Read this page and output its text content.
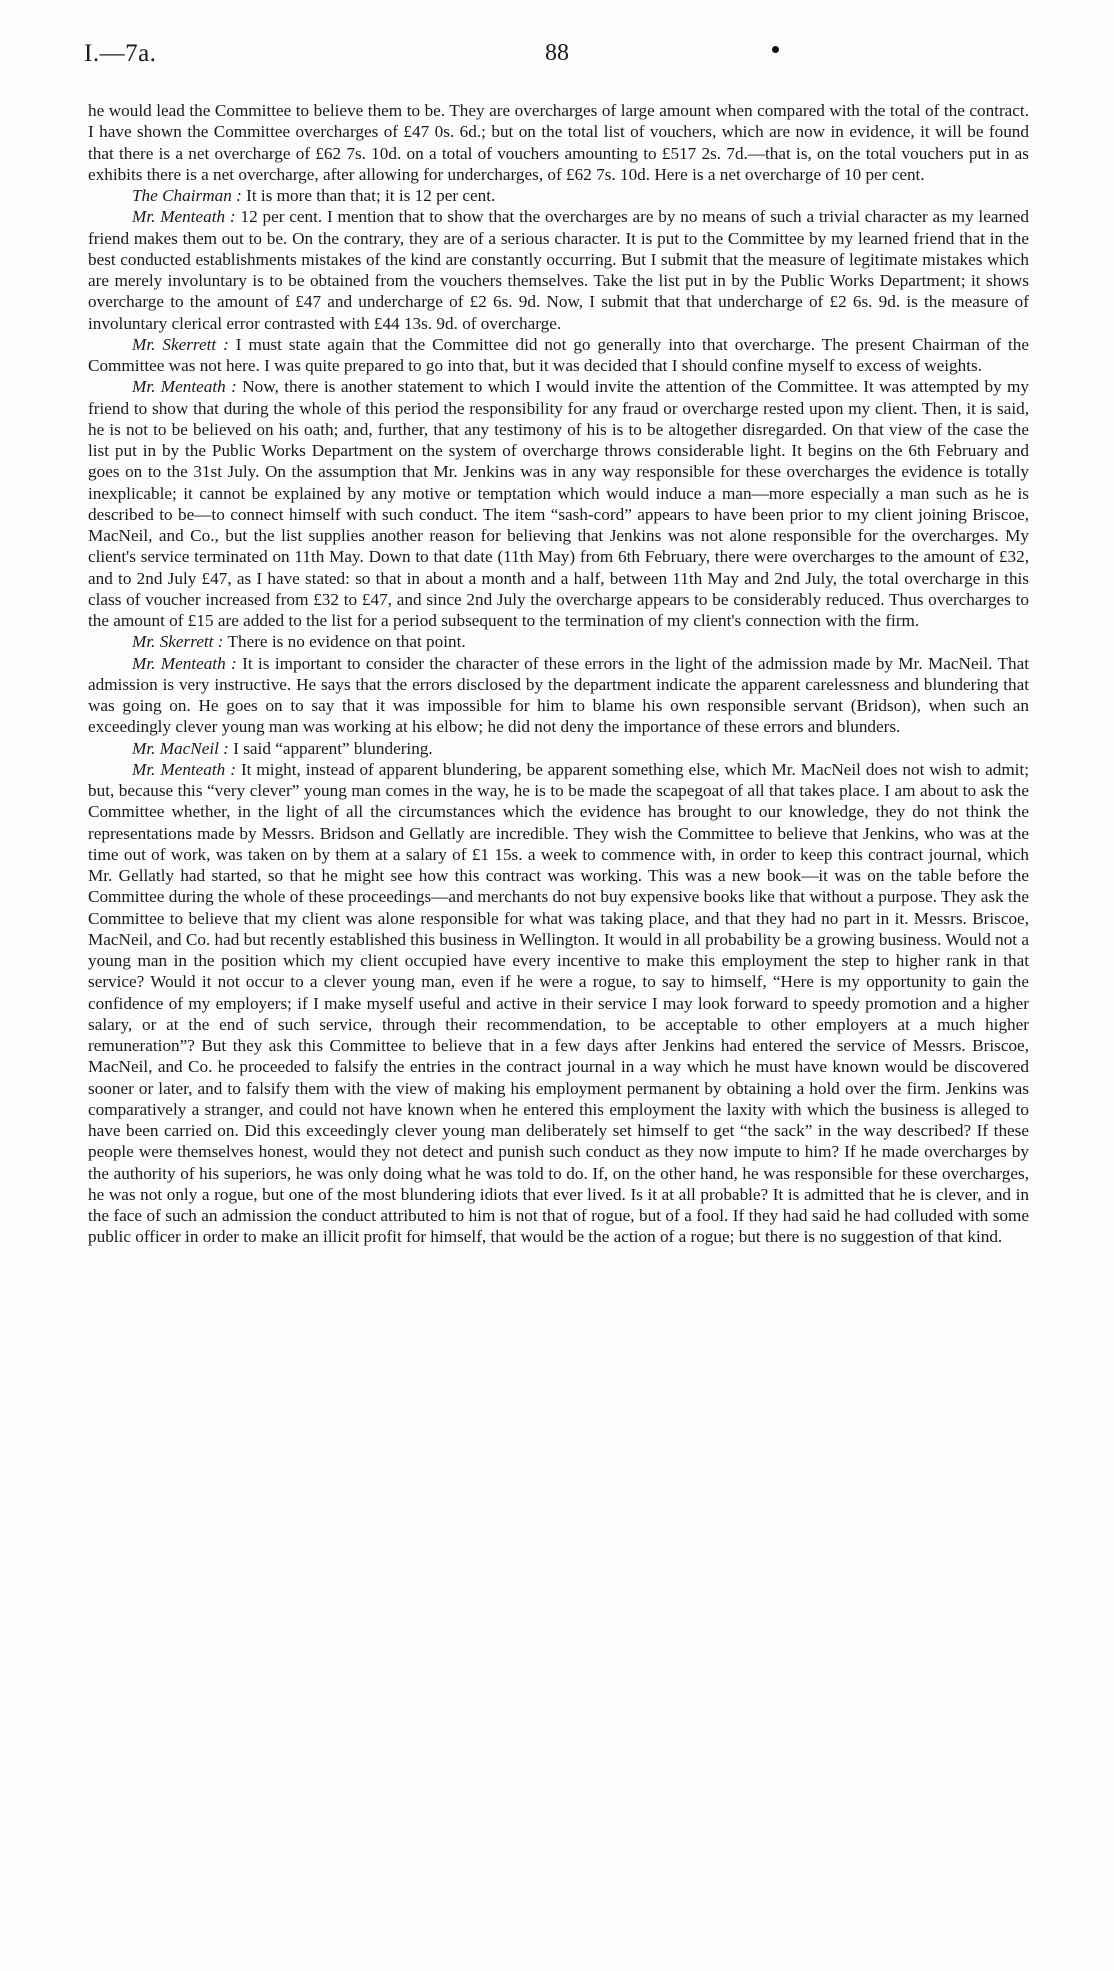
I.—7a.	88

he would lead the Committee to believe them to be. They are overcharges of large amount when compared with the total of the contract. I have shown the Committee overcharges of £47 0s. 6d.; but on the total list of vouchers, which are now in evidence, it will be found that there is a net overcharge of £62 7s. 10d. on a total of vouchers amounting to £517 2s. 7d.—that is, on the total vouchers put in as exhibits there is a net overcharge, after allowing for undercharges, of £62 7s. 10d. Here is a net overcharge of 10 per cent.

The Chairman : It is more than that; it is 12 per cent.

Mr. Menteath : 12 per cent. I mention that to show that the overcharges are by no means of such a trivial character as my learned friend makes them out to be. On the contrary, they are of a serious character. It is put to the Committee by my learned friend that in the best conducted establishments mistakes of the kind are constantly occurring. But I submit that the measure of legitimate mistakes which are merely involuntary is to be obtained from the vouchers themselves. Take the list put in by the Public Works Department; it shows overcharge to the amount of £47 and undercharge of £2 6s. 9d. Now, I submit that that undercharge of £2 6s. 9d. is the measure of involuntary clerical error contrasted with £44 13s. 9d. of overcharge.

Mr. Skerrett : I must state again that the Committee did not go generally into that overcharge. The present Chairman of the Committee was not here. I was quite prepared to go into that, but it was decided that I should confine myself to excess of weights.

Mr. Menteath : Now, there is another statement to which I would invite the attention of the Committee. It was attempted by my friend to show that during the whole of this period the responsibility for any fraud or overcharge rested upon my client. Then, it is said, he is not to be believed on his oath; and, further, that any testimony of his is to be altogether disregarded. On that view of the case the list put in by the Public Works Department on the system of overcharge throws considerable light. It begins on the 6th February and goes on to the 31st July. On the assumption that Mr. Jenkins was in any way responsible for these overcharges the evidence is totally inexplicable; it cannot be explained by any motive or temptation which would induce a man—more especially a man such as he is described to be—to connect himself with such conduct. The item “sash-cord” appears to have been prior to my client joining Briscoe, MacNeil, and Co., but the list supplies another reason for believing that Jenkins was not alone responsible for the overcharges. My client's service terminated on 11th May. Down to that date (11th May) from 6th February, there were overcharges to the amount of £32, and to 2nd July £47, as I have stated: so that in about a month and a half, between 11th May and 2nd July, the total overcharge in this class of voucher increased from £32 to £47, and since 2nd July the overcharge appears to be considerably reduced. Thus overcharges to the amount of £15 are added to the list for a period subsequent to the termination of my client's connection with the firm.

Mr. Skerrett : There is no evidence on that point.

Mr. Menteath : It is important to consider the character of these errors in the light of the admission made by Mr. MacNeil. That admission is very instructive. He says that the errors disclosed by the department indicate the apparent carelessness and blundering that was going on. He goes on to say that it was impossible for him to blame his own responsible servant (Bridson), when such an exceedingly clever young man was working at his elbow; he did not deny the importance of these errors and blunders.

Mr. MacNeil : I said “apparent” blundering.

Mr. Menteath : It might, instead of apparent blundering, be apparent something else, which Mr. MacNeil does not wish to admit; but, because this “very clever” young man comes in the way, he is to be made the scapegoat of all that takes place. I am about to ask the Committee whether, in the light of all the circumstances which the evidence has brought to our knowledge, they do not think the representations made by Messrs. Bridson and Gellatly are incredible. They wish the Committee to believe that Jenkins, who was at the time out of work, was taken on by them at a salary of £1 15s. a week to commence with, in order to keep this contract journal, which Mr. Gellatly had started, so that he might see how this contract was working. This was a new book—it was on the table before the Committee during the whole of these proceedings—and merchants do not buy expensive books like that without a purpose. They ask the Committee to believe that my client was alone responsible for what was taking place, and that they had no part in it. Messrs. Briscoe, MacNeil, and Co. had but recently established this business in Wellington. It would in all probability be a growing business. Would not a young man in the position which my client occupied have every incentive to make this employment the step to higher rank in that service? Would it not occur to a clever young man, even if he were a rogue, to say to himself, “Here is my opportunity to gain the confidence of my employers; if I make myself useful and active in their service I may look forward to speedy promotion and a higher salary, or at the end of such service, through their recommendation, to be acceptable to other employers at a much higher remuneration”? But they ask this Committee to believe that in a few days after Jenkins had entered the service of Messrs. Briscoe, MacNeil, and Co. he proceeded to falsify the entries in the contract journal in a way which he must have known would be discovered sooner or later, and to falsify them with the view of making his employment permanent by obtaining a hold over the firm. Jenkins was comparatively a stranger, and could not have known when he entered this employment the laxity with which the business is alleged to have been carried on. Did this exceedingly clever young man deliberately set himself to get “the sack” in the way described? If these people were themselves honest, would they not detect and punish such conduct as they now impute to him? If he made overcharges by the authority of his superiors, he was only doing what he was told to do. If, on the other hand, he was responsible for these overcharges, he was not only a rogue, but one of the most blundering idiots that ever lived. Is it at all probable? It is admitted that he is clever, and in the face of such an admission the conduct attributed to him is not that of rogue, but of a fool. If they had said he had colluded with some public officer in order to make an illicit profit for himself, that would be the action of a rogue; but there is no suggestion of that kind.
